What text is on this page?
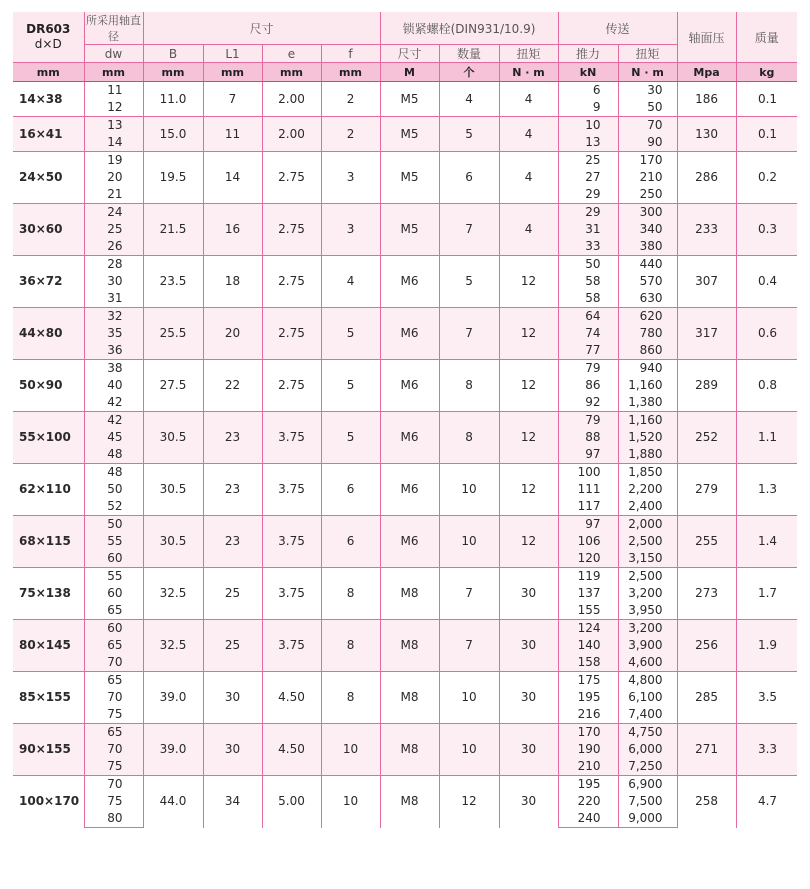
DR603
d×D	所采用轴直径	尺寸				锁紧螺栓(DIN931/10.9)			传送		轴面压	质量
	dw	B	L1	e	f	尺寸	数量	扭矩	推力	扭矩		
mm	mm	mm	mm	mm	mm	M	个	N · m	kN	N · m	Mpa	kg
14×38	11	11.0	7	2.00	2	M5	4	4	6	30	186	0.1
	12								9	50		
16×41	13	15.0	11	2.00	2	M5	5	4	10	70	130	0.1
	14								13	90		
24×50	19	19.5	14	2.75	3	M5	6	4	25	170	286	0.2
	20								27	210		
	21								29	250		
30×60	24	21.5	16	2.75	3	M5	7	4	29	300	233	0.3
	25								31	340		
	26								33	380		
36×72	28	23.5	18	2.75	4	M6	5	12	50	440	307	0.4
	30								58	570		
	31								58	630		
44×80	32	25.5	20	2.75	5	M6	7	12	64	620	317	0.6
	35								74	780		
	36								77	860		
50×90	38	27.5	22	2.75	5	M6	8	12	79	940	289	0.8
	40								86	1,160		
	42								92	1,380		
55×100	42	30.5	23	3.75	5	M6	8	12	79	1,160	252	1.1
	45								88	1,520		
	48								97	1,880		
62×110	48	30.5	23	3.75	6	M6	10	12	100	1,850	279	1.3
	50								111	2,200		
	52								117	2,400		
68×115	50	30.5	23	3.75	6	M6	10	12	97	2,000	255	1.4
	55								106	2,500		
	60								120	3,150		
75×138	55	32.5	25	3.75	8	M8	7	30	119	2,500	273	1.7
	60								137	3,200		
	65								155	3,950		
80×145	60	32.5	25	3.75	8	M8	7	30	124	3,200	256	1.9
	65								140	3,900		
	70								158	4,600		
85×155	65	39.0	30	4.50	8	M8	10	30	175	4,800	285	3.5
	70								195	6,100		
	75								216	7,400		
90×155	65	39.0	30	4.50	10	M8	10	30	170	4,750	271	3.3
	70								190	6,000		
	75								210	7,250		
100×170	70	44.0	34	5.00	10	M8	12	30	195	6,900	258	4.7
	75								220	7,500		
	80								240	9,000		
